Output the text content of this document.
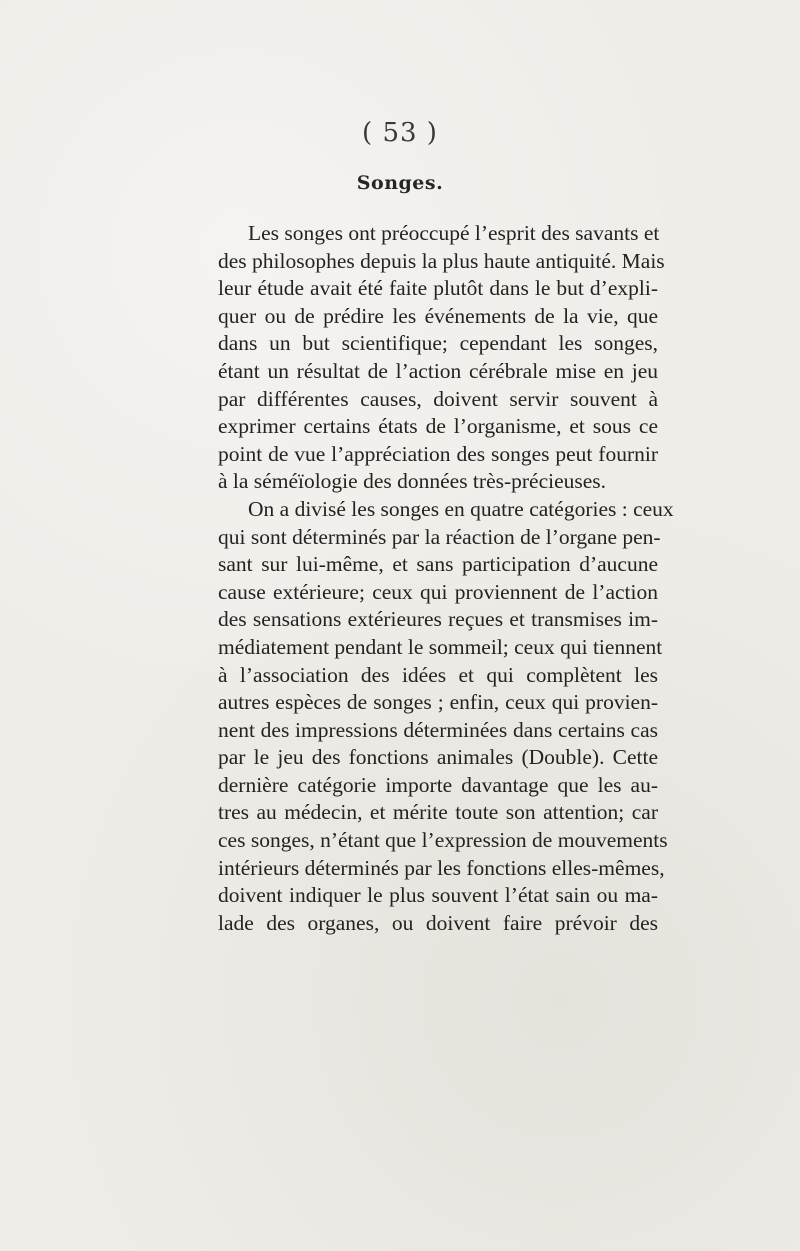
( 53 )
Songes.
Les songes ont préoccupé l’esprit des savants et
des philosophes depuis la plus haute antiquité. Mais
leur étude avait été faite plutôt dans le but d’expli-
quer ou de prédire les événements de la vie, que
dans un but scientifique; cependant les songes,
étant un résultat de l’action cérébrale mise en jeu
par différentes causes, doivent servir souvent à
exprimer certains états de l’organisme, et sous ce
point de vue l’appréciation des songes peut fournir
à la séméïologie des données très-précieuses.
On a divisé les songes en quatre catégories : ceux
qui sont déterminés par la réaction de l’organe pen-
sant sur lui-même, et sans participation d’aucune
cause extérieure; ceux qui proviennent de l’action
des sensations extérieures reçues et transmises im-
médiatement pendant le sommeil; ceux qui tiennent
à l’association des idées et qui complètent les
autres espèces de songes ; enfin, ceux qui provien-
nent des impressions déterminées dans certains cas
par le jeu des fonctions animales (Double). Cette
dernière catégorie importe davantage que les au-
tres au médecin, et mérite toute son attention; car
ces songes, n’étant que l’expression de mouvements
intérieurs déterminés par les fonctions elles-mêmes,
doivent indiquer le plus souvent l’état sain ou ma-
lade des organes, ou doivent faire prévoir des
